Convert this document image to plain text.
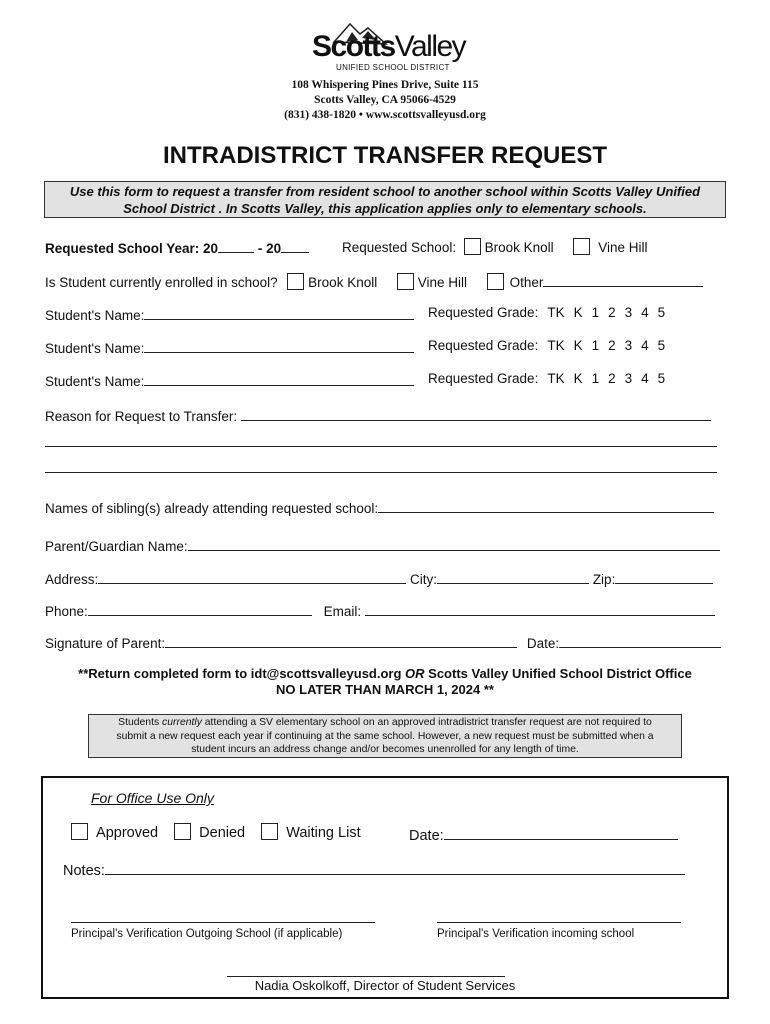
ScottsValley
UNIFIED SCHOOL DISTRICT
108 Whispering Pines Drive, Suite 115
Scotts Valley, CA 95066-4529
(831) 438-1820 • www.scottsvalleyusd.org
INTRADISTRICT TRANSFER REQUEST
Use this form to request a transfer from resident school to another school within Scotts Valley Unified
School District . In Scotts Valley, this application applies only to elementary schools.
Requested School Year: 20	- 20	Requested School: Brook Knoll	Vine Hill
Is Student currently enrolled in school? Brook Knoll	Vine Hill	Other
Student's Name:	Requested Grade: TK K 1 2 3 4 5
Student's Name:	Requested Grade: TK K 1 2 3 4 5
Student's Name:	Requested Grade: TK K 1 2 3 4 5
Reason for Request to Transfer:
Names of sibling(s) already attending requested school:
Parent/Guardian Name:
Address:	City:	Zip:
Phone:	Email:
Signature of Parent:	Date:
**Return completed form to idt@scottsvalleyusd.org OR Scotts Valley Unified School District Office
NO LATER THAN MARCH 1, 2024 **
Students currently attending a SV elementary school on an approved intradistrict transfer request are not required to
submit a new request each year if continuing at the same school. However, a new request must be submitted when a
student incurs an address change and/or becomes unenrolled for any length of time.
For Office Use Only
Approved	Denied	Waiting List	Date:
Notes:
Principal's Verification Outgoing School (if applicable)	Principal's Verification incoming school
Nadia Oskolkoff, Director of Student Services
